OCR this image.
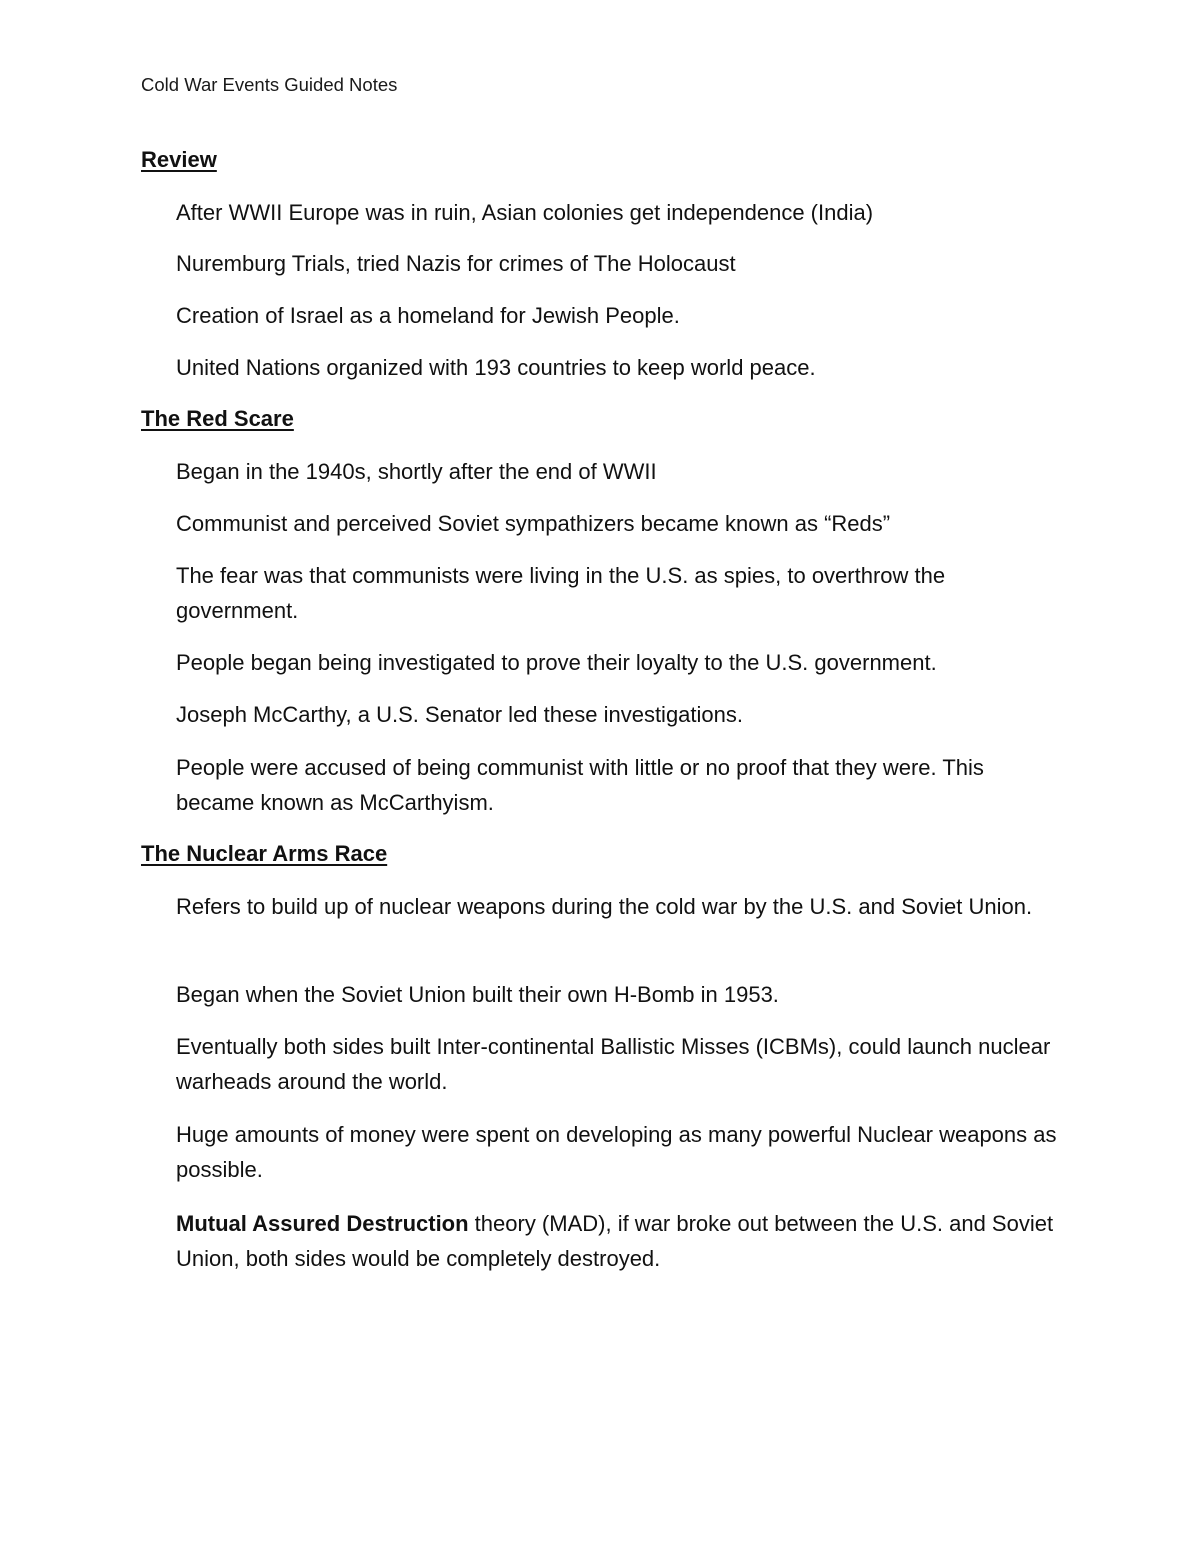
Cold War Events Guided Notes
Review
After WWII Europe was in ruin, Asian colonies get independence (India)
Nuremburg Trials, tried Nazis for crimes of The Holocaust
Creation of Israel as a homeland for Jewish People.
United Nations organized with 193 countries to keep world peace.
The Red Scare
Began in the 1940s, shortly after the end of WWII
Communist and perceived Soviet sympathizers became known as “Reds”
The fear was that communists were living in the U.S. as spies, to overthrow the government.
People began being investigated to prove their loyalty to the U.S. government.
Joseph McCarthy, a U.S. Senator led these investigations.
People were accused of being communist with little or no proof that they were. This became known as McCarthyism.
The Nuclear Arms Race
Refers to build up of nuclear weapons during the cold war by the U.S. and Soviet Union.
Began when the Soviet Union built their own H-Bomb in 1953.
Eventually both sides built Inter-continental Ballistic Misses (ICBMs), could launch nuclear warheads around the world.
Huge amounts of money were spent on developing as many powerful Nuclear weapons as possible.
Mutual Assured Destruction theory (MAD), if war broke out between the U.S. and Soviet Union, both sides would be completely destroyed.
